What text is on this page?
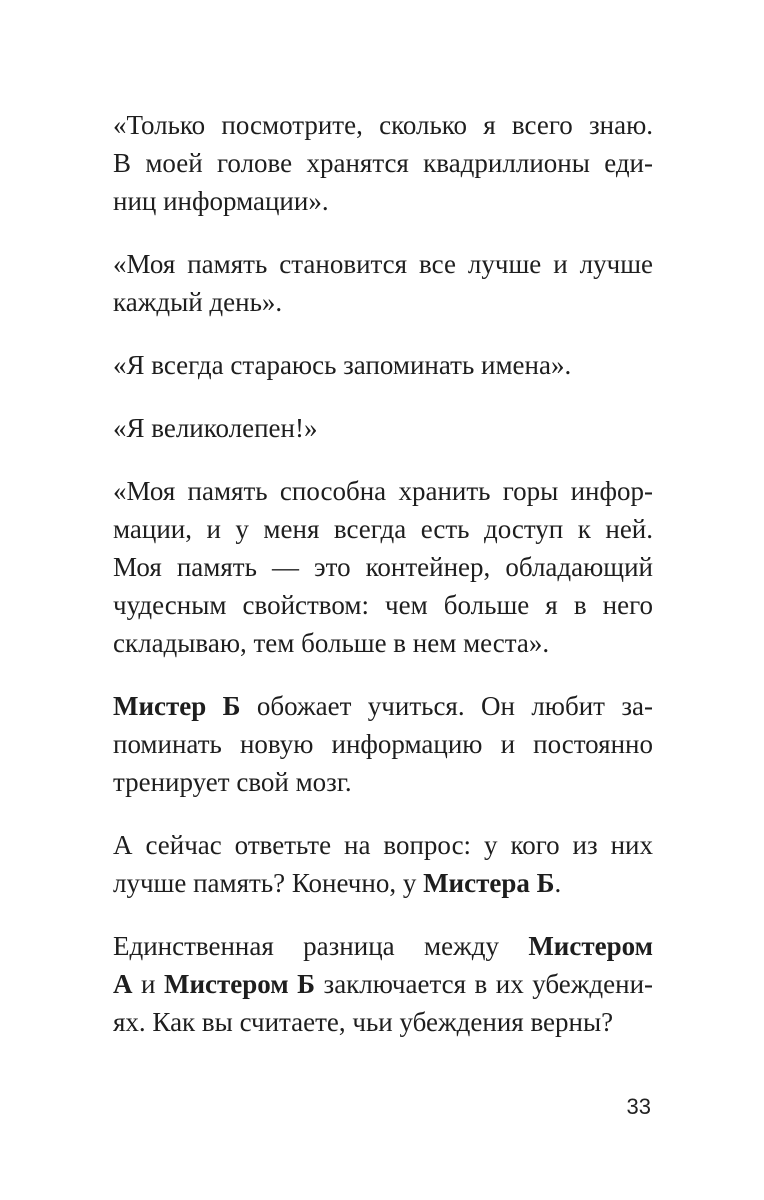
«Только посмотрите, сколько я всего знаю.
В моей голове хранятся квадриллионы еди-
ниц информации».

«Моя память становится все лучше и лучше
каждый день».

«Я всегда стараюсь запоминать имена».

«Я великолепен!»

«Моя память способна хранить горы инфор-
мации, и у меня всегда есть доступ к ней.
Моя память — это контейнер, обладающий
чудесным свойством: чем больше я в него
складываю, тем больше в нем места».

Мистер Б обожает учиться. Он любит за-
поминать новую информацию и постоянно
тренирует свой мозг.

А сейчас ответьте на вопрос: у кого из них
лучше память? Конечно, у Мистера Б.

Единственная разница между Мистером
А и Мистером Б заключается в их убеждени-
ях. Как вы считаете, чьи убеждения верны?

33
